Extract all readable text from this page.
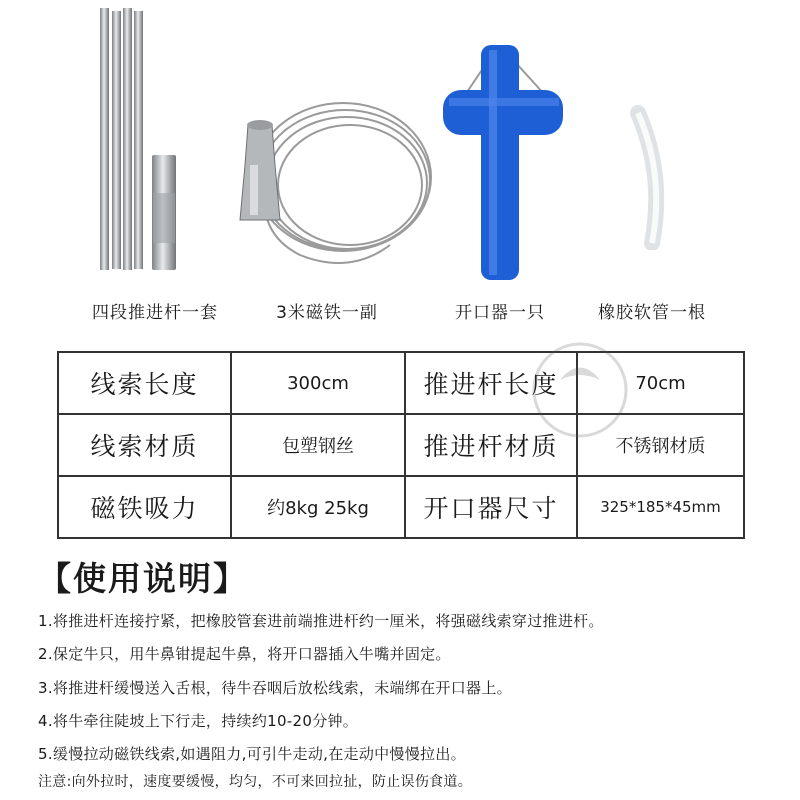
四段推进杆一套	3米磁铁一副	开口器一只	橡胶软管一根
线索长度	300cm	推进杆长度	70cm
线索材质	包塑钢丝	推进杆材质	不锈钢材质
磁铁吸力	约8kg 25kg	开口器尺寸	325*185*45mm
【使用说明】
1.将推进杆连接拧紧，把橡胶管套进前端推进杆约一厘米，将强磁线索穿过推进杆。
2.保定牛只，用牛鼻钳提起牛鼻，将开口器插入牛嘴并固定。
3.将推进杆缓慢送入舌根，待牛吞咽后放松线索，未端绑在开口器上。
4.将牛牵往陡坡上下行走，持续约10-20分钟。
5.缓慢拉动磁铁线索,如遇阻力,可引牛走动,在走动中慢慢拉出。
注意:向外拉时，速度要缓慢，均匀，不可来回拉扯，防止误伤食道。
